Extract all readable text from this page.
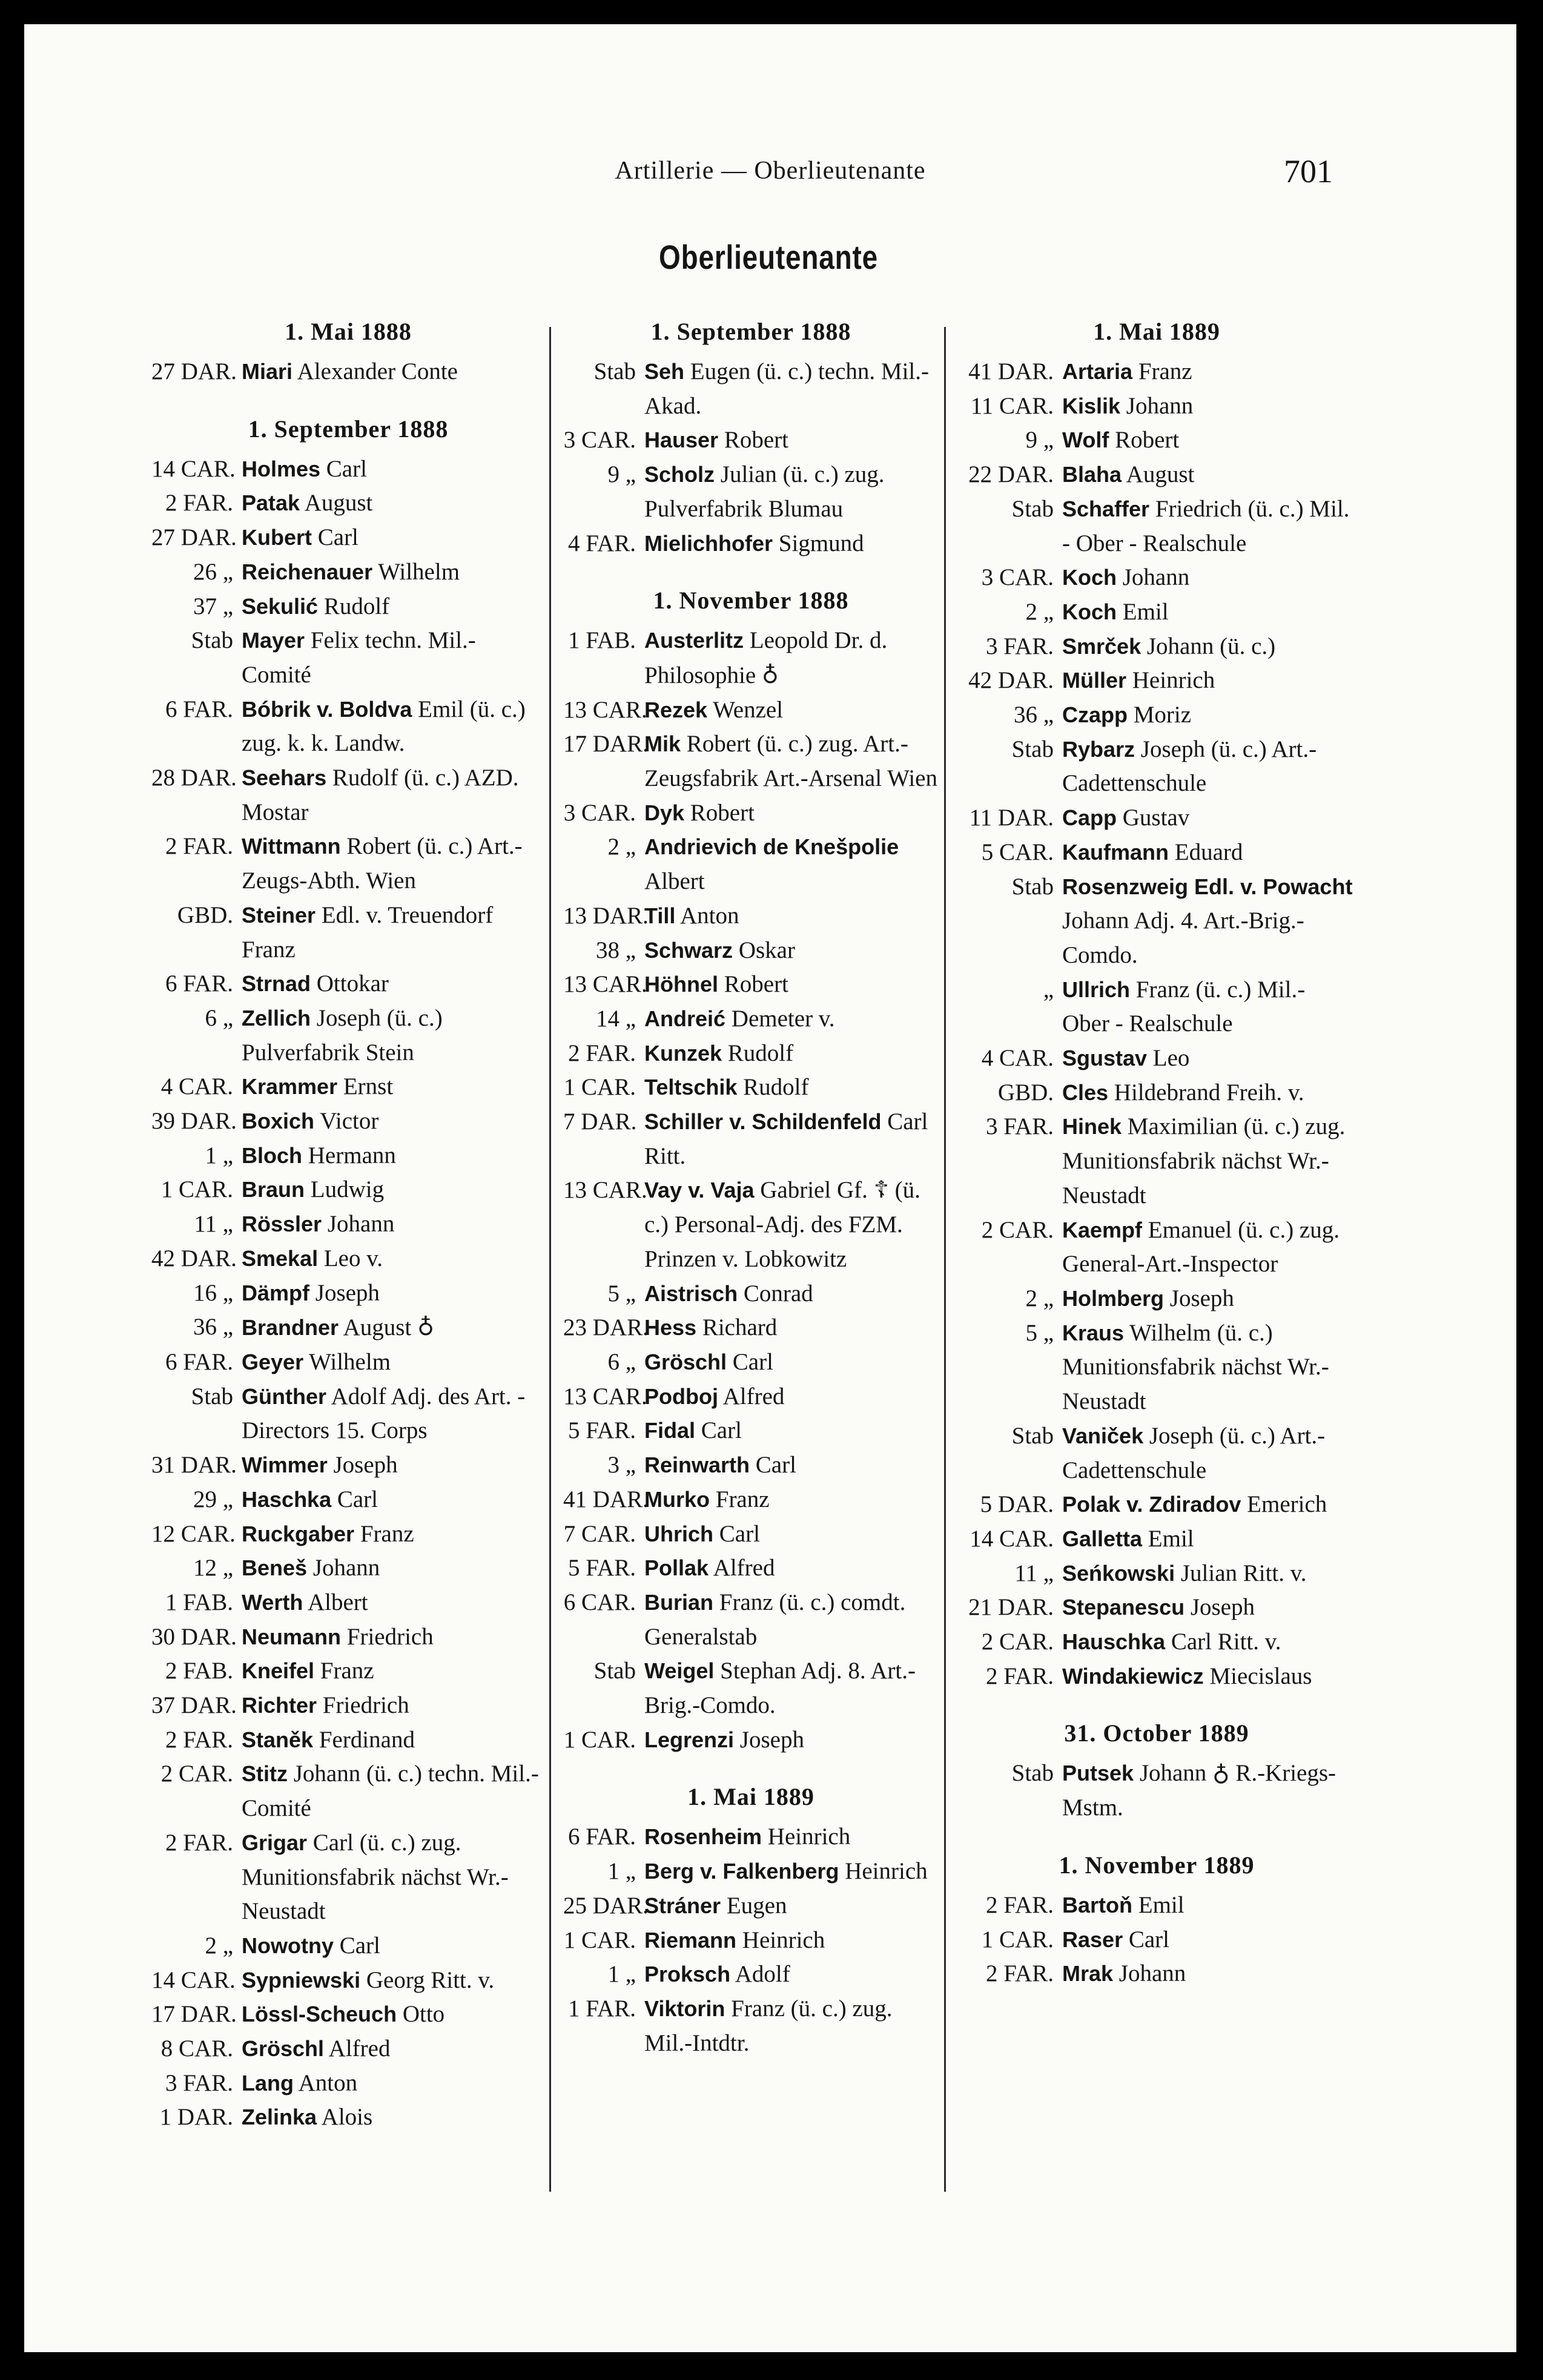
Artillerie — Oberlieutenante	701
Oberlieutenante
1. Mai 1888
27 DAR. Miari Alexander Conte
1. September 1888
14 CAR. Holmes Carl
2 FAR. Patak August
27 DAR. Kubert Carl
26 „ Reichenauer Wilhelm
37 „ Sekulić Rudolf
Stab Mayer Felix techn. Mil.-Comité
6 FAR. Bóbrik v. Boldva Emil (ü. c.) zug. k. k. Landw.
28 DAR. Seehars Rudolf (ü. c.) AZD. Mostar
2 FAR. Wittmann Robert (ü. c.) Art.-Zeugs-Abth. Wien
GBD. Steiner Edl. v. Treuendorf Franz
6 FAR. Strnad Ottokar
6 „ Zellich Joseph (ü. c.) Pulverfabrik Stein
4 CAR. Krammer Ernst
39 DAR. Boxich Victor
1 „ Bloch Hermann
1 CAR. Braun Ludwig
11 „ Rössler Johann
42 DAR. Smekal Leo v.
16 „ Dämpf Joseph
36 „ Brandner August ♁
6 FAR. Geyer Wilhelm
Stab Günther Adolf Adj. des Art. - Directors 15. Corps
31 DAR. Wimmer Joseph
29 „ Haschka Carl
12 CAR. Ruckgaber Franz
12 „ Beneš Johann
1 FAB. Werth Albert
30 DAR. Neumann Friedrich
2 FAB. Kneifel Franz
37 DAR. Richter Friedrich
2 FAR. Staněk Ferdinand
2 CAR. Stitz Johann (ü. c.) techn. Mil.-Comité
2 FAR. Grigar Carl (ü. c.) zug. Munitionsfabrik nächst Wr.-Neustadt
2 „ Nowotny Carl
14 CAR. Sypniewski Georg Ritt. v.
17 DAR. Lössl-Scheuch Otto
8 CAR. Gröschl Alfred
3 FAR. Lang Anton
1 DAR. Zelinka Alois
1. September 1888
Stab Seh Eugen (ü. c.) techn. Mil.-Akad.
3 CAR. Hauser Robert
9 „ Scholz Julian (ü. c.) zug. Pulverfabrik Blumau
4 FAR. Mielichhofer Sigmund
1. November 1888
1 FAB. Austerlitz Leopold Dr. d. Philosophie ♁
13 CAR.
Rezek Wenzel
17 DAR.
Mik Robert (ü. c.) zug. Art.-Zeugsfabrik Art.-Arsenal Wien
3 CAR. Dyk Robert
2 „ Andrievich de Knešpolie Albert
13 DAR.
Till Anton
38 „ Schwarz Oskar
13 CAR.
Höhnel Robert
14 „ Andreić Demeter v.
2 FAR. Kunzek Rudolf
1 CAR. Teltschik Rudolf
7 DAR. Schiller v. Schildenfeld Carl Ritt.
13 CAR.
Vay v. Vaja Gabriel Gf. ☦ (ü. c.) Personal-Adj. des FZM. Prinzen v. Lobkowitz
5 „ Aistrisch Conrad
23 DAR.
Hess Richard
6 „ Gröschl Carl
13 CAR.
Podboj Alfred
5 FAR. Fidal Carl
3 „ Reinwarth Carl
41 DAR.
Murko Franz
7 CAR. Uhrich Carl
5 FAR. Pollak Alfred
6 CAR. Burian Franz (ü. c.) comdt. Generalstab
Stab Weigel Stephan Adj. 8. Art.-Brig.-Comdo.
1 CAR. Legrenzi Joseph
1. Mai 1889
6 FAR. Rosenheim Heinrich
1 „ Berg v. Falkenberg Heinrich
25 DAR.
Stráner Eugen
1 CAR. Riemann Heinrich
1 „ Proksch Adolf
1 FAR. Viktorin Franz (ü. c.) zug. Mil.-Intdtr.
1. Mai 1889
41 DAR. Artaria Franz
11 CAR. Kislik Johann
9 „ Wolf Robert
22 DAR. Blaha August
Stab Schaffer Friedrich (ü. c.) Mil. - Ober - Realschule
3 CAR. Koch Johann
2 „ Koch Emil
3 FAR. Smrček Johann (ü. c.)
42 DAR. Müller Heinrich
36 „ Czapp Moriz
Stab Rybarz Joseph (ü. c.) Art.-Cadettenschule
11 DAR. Capp Gustav
5 CAR. Kaufmann Eduard
Stab Rosenzweig Edl. v. Powacht Johann Adj. 4. Art.-Brig.-Comdo.
„ Ullrich Franz (ü. c.) Mil.- Ober - Realschule
4 CAR. Sgustav Leo
GBD. Cles Hildebrand Freih. v.
3 FAR. Hinek Maximilian (ü. c.) zug. Munitionsfabrik nächst Wr.-Neustadt
2 CAR. Kaempf Emanuel (ü. c.) zug. General-Art.-Inspector
2 „ Holmberg Joseph
5 „ Kraus Wilhelm (ü. c.) Munitionsfabrik nächst Wr.-Neustadt
Stab Vaniček Joseph (ü. c.) Art.-Cadettenschule
5 DAR. Polak v. Zdiradov Emerich
14 CAR. Galletta Emil
11 „ Seńkowski Julian Ritt. v.
21 DAR. Stepanescu Joseph
2 CAR. Hauschka Carl Ritt. v.
2 FAR. Windakiewicz Miecislaus
31. October 1889
Stab Putsek Johann ♁ R.-Kriegs-Mstm.
1. November 1889
2 FAR. Bartoň Emil
1 CAR. Raser Carl
2 FAR. Mrak Johann
